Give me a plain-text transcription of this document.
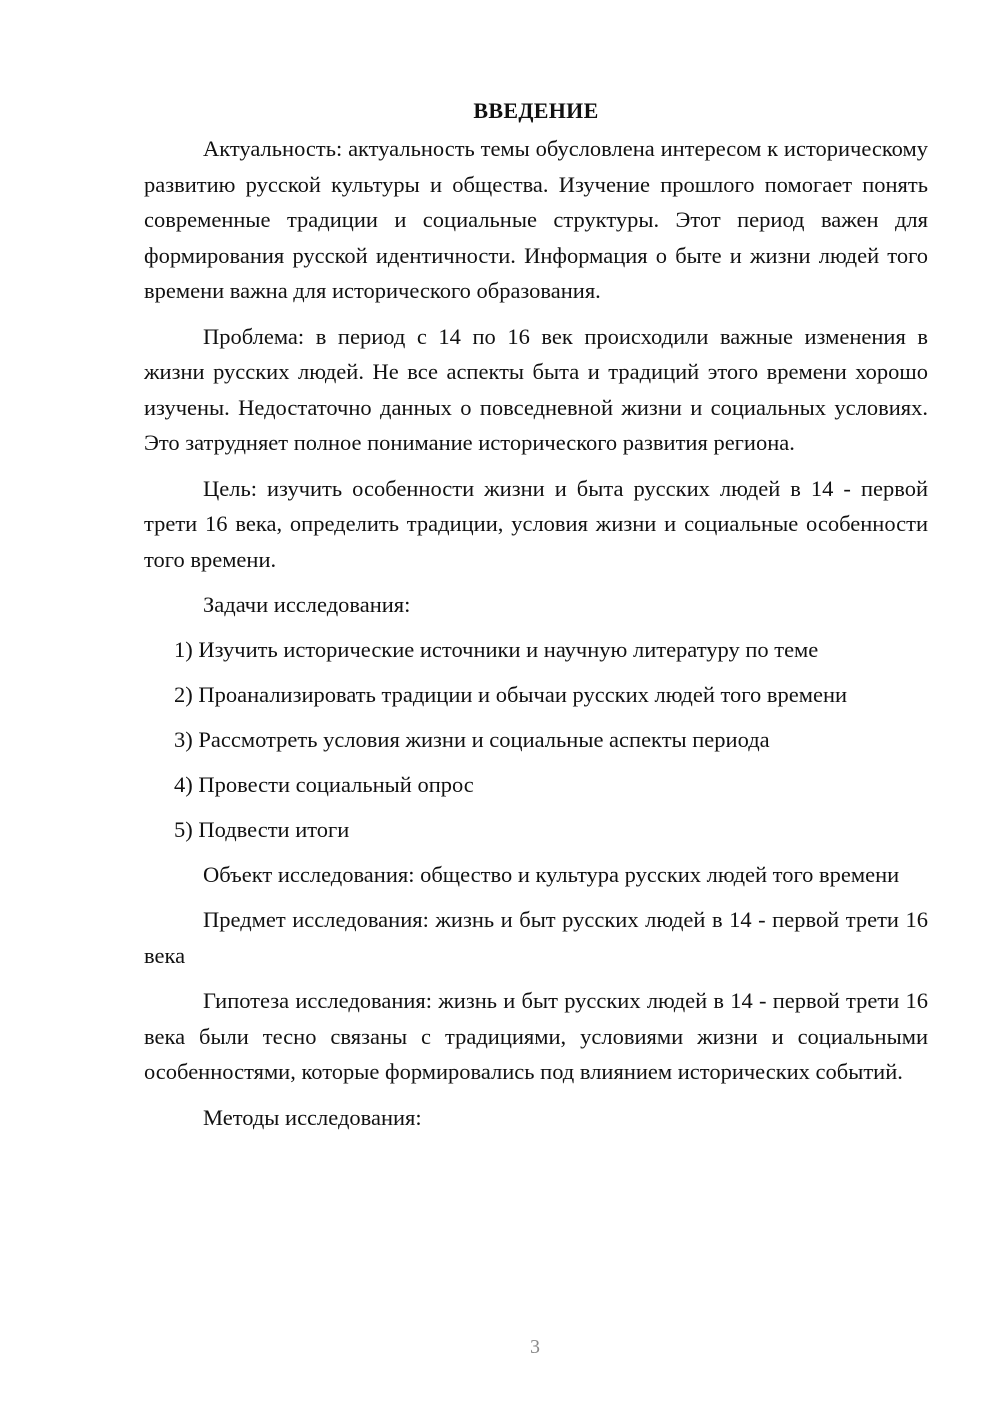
ВВЕДЕНИЕ

Актуальность: актуальность темы обусловлена интересом к историческому развитию русской культуры и общества. Изучение прошлого помогает понять современные традиции и социальные структуры. Этот период важен для формирования русской идентичности. Информация о быте и жизни людей того времени важна для исторического образования.

Проблема: в период с 14 по 16 век происходили важные изменения в жизни русских людей. Не все аспекты быта и традиций этого времени хорошо изучены. Недостаточно данных о повседневной жизни и социальных условиях. Это затрудняет полное понимание исторического развития региона.

Цель: изучить особенности жизни и быта русских людей в 14 - первой трети 16 века, определить традиции, условия жизни и социальные особенности того времени.

Задачи исследования:

1) Изучить исторические источники и научную литературу по теме
2) Проанализировать традиции и обычаи русских людей того времени
3) Рассмотреть условия жизни и социальные аспекты периода
4) Провести социальный опрос
5) Подвести итоги

Объект исследования: общество и культура русских людей того времени

Предмет исследования: жизнь и быт русских людей в 14 - первой трети 16 века

Гипотеза исследования: жизнь и быт русских людей в 14 - первой трети 16 века были тесно связаны с традициями, условиями жизни и социальными особенностями, которые формировались под влиянием исторических событий.

Методы исследования:

3
